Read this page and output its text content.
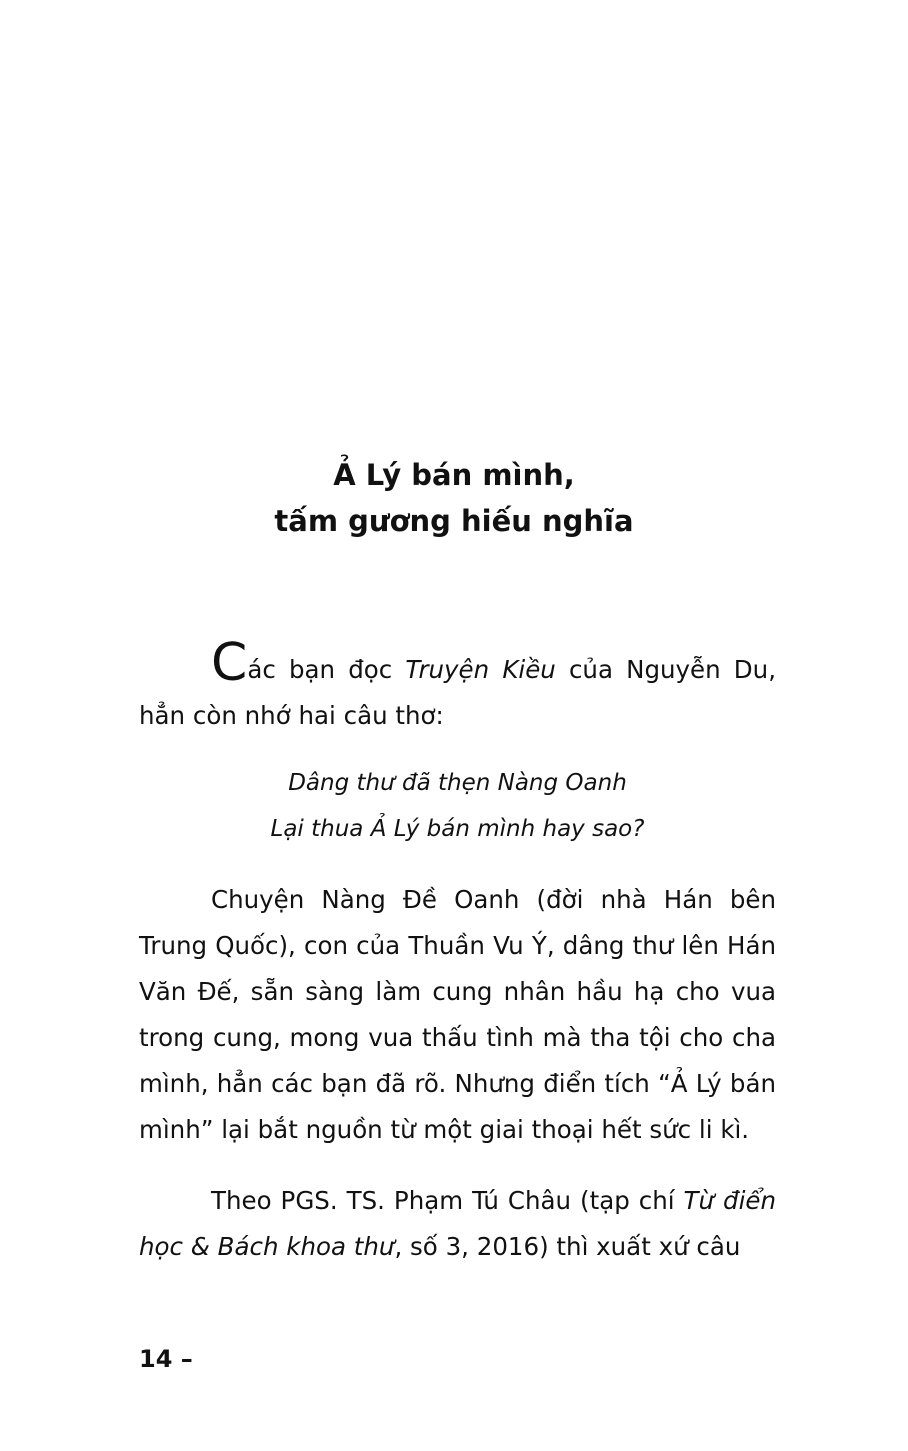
Ả Lý bán mình,
tấm gương hiếu nghĩa

Các bạn đọc Truyện Kiều của Nguyễn Du, hẳn còn nhớ hai câu thơ:

Dâng thư đã thẹn Nàng Oanh
Lại thua Ả Lý bán mình hay sao?

Chuyện Nàng Đề Oanh (đời nhà Hán bên Trung Quốc), con của Thuần Vu Ý, dâng thư lên Hán Văn Đế, sẵn sàng làm cung nhân hầu hạ cho vua trong cung, mong vua thấu tình mà tha tội cho cha mình, hẳn các bạn đã rõ. Nhưng điển tích “Ả Lý bán mình” lại bắt nguồn từ một giai thoại hết sức li kì.

Theo PGS. TS. Phạm Tú Châu (tạp chí Từ điển học & Bách khoa thư, số 3, 2016) thì xuất xứ câu

14 –
